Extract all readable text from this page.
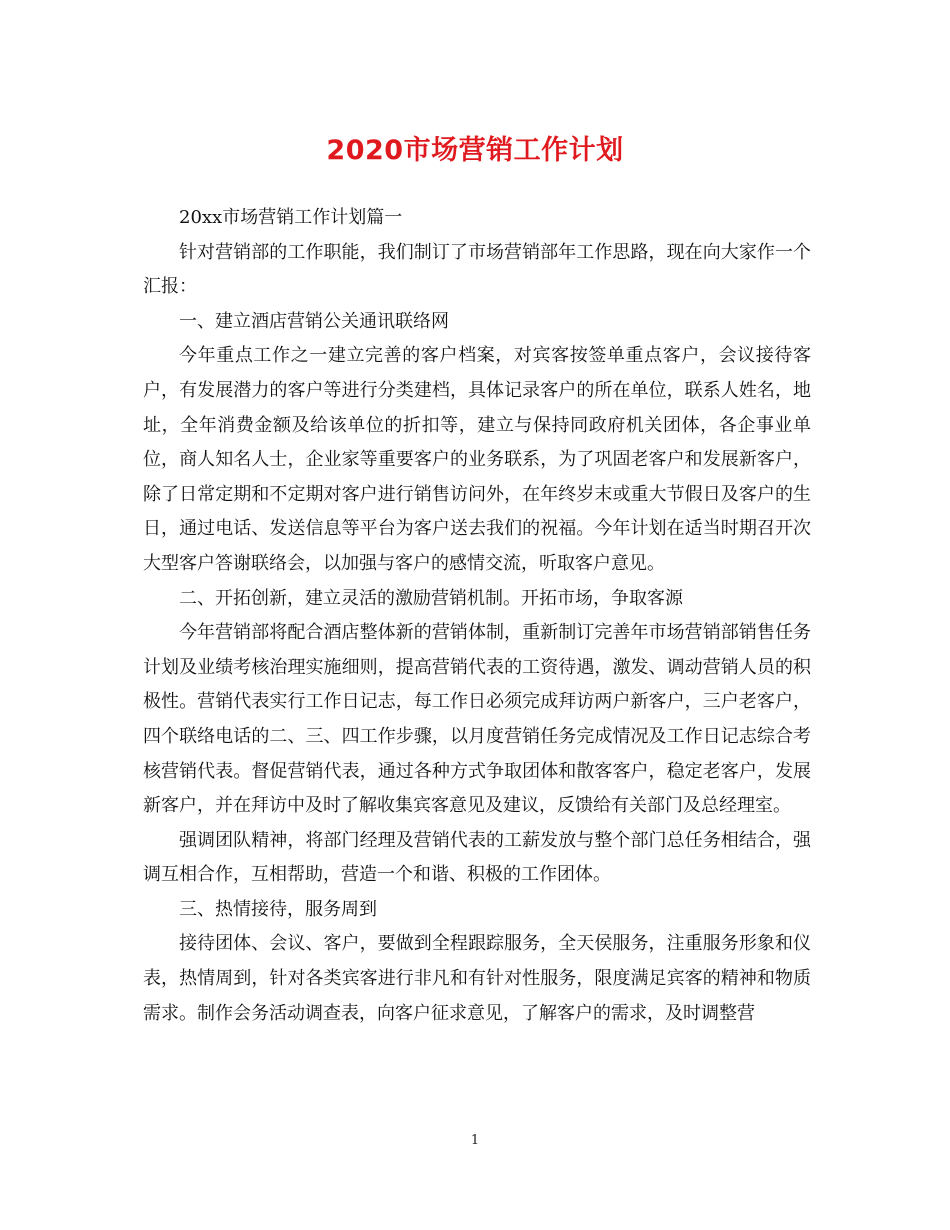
2020市场营销工作计划

20xx市场营销工作计划篇一

针对营销部的工作职能，我们制订了市场营销部年工作思路，现在向大家作一个汇报：

一、建立酒店营销公关通讯联络网

今年重点工作之一建立完善的客户档案，对宾客按签单重点客户，会议接待客户，有发展潜力的客户等进行分类建档，具体记录客户的所在单位，联系人姓名，地址，全年消费金额及给该单位的折扣等，建立与保持同政府机关团体，各企事业单位，商人知名人士，企业家等重要客户的业务联系，为了巩固老客户和发展新客户，除了日常定期和不定期对客户进行销售访问外，在年终岁末或重大节假日及客户的生日，通过电话、发送信息等平台为客户送去我们的祝福。今年计划在适当时期召开次大型客户答谢联络会，以加强与客户的感情交流，听取客户意见。

二、开拓创新，建立灵活的激励营销机制。开拓市场，争取客源

今年营销部将配合酒店整体新的营销体制，重新制订完善年市场营销部销售任务计划及业绩考核治理实施细则，提高营销代表的工资待遇，激发、调动营销人员的积极性。营销代表实行工作日记志，每工作日必须完成拜访两户新客户，三户老客户，四个联络电话的二、三、四工作步骤，以月度营销任务完成情况及工作日记志综合考核营销代表。督促营销代表，通过各种方式争取团体和散客客户，稳定老客户，发展新客户，并在拜访中及时了解收集宾客意见及建议，反馈给有关部门及总经理室。

强调团队精神，将部门经理及营销代表的工薪发放与整个部门总任务相结合，强调互相合作，互相帮助，营造一个和谐、积极的工作团体。

三、热情接待，服务周到

接待团体、会议、客户，要做到全程跟踪服务，全天侯服务，注重服务形象和仪表，热情周到，针对各类宾客进行非凡和有针对性服务，限度满足宾客的精神和物质需求。制作会务活动调查表，向客户征求意见，了解客户的需求，及时调整营

1
